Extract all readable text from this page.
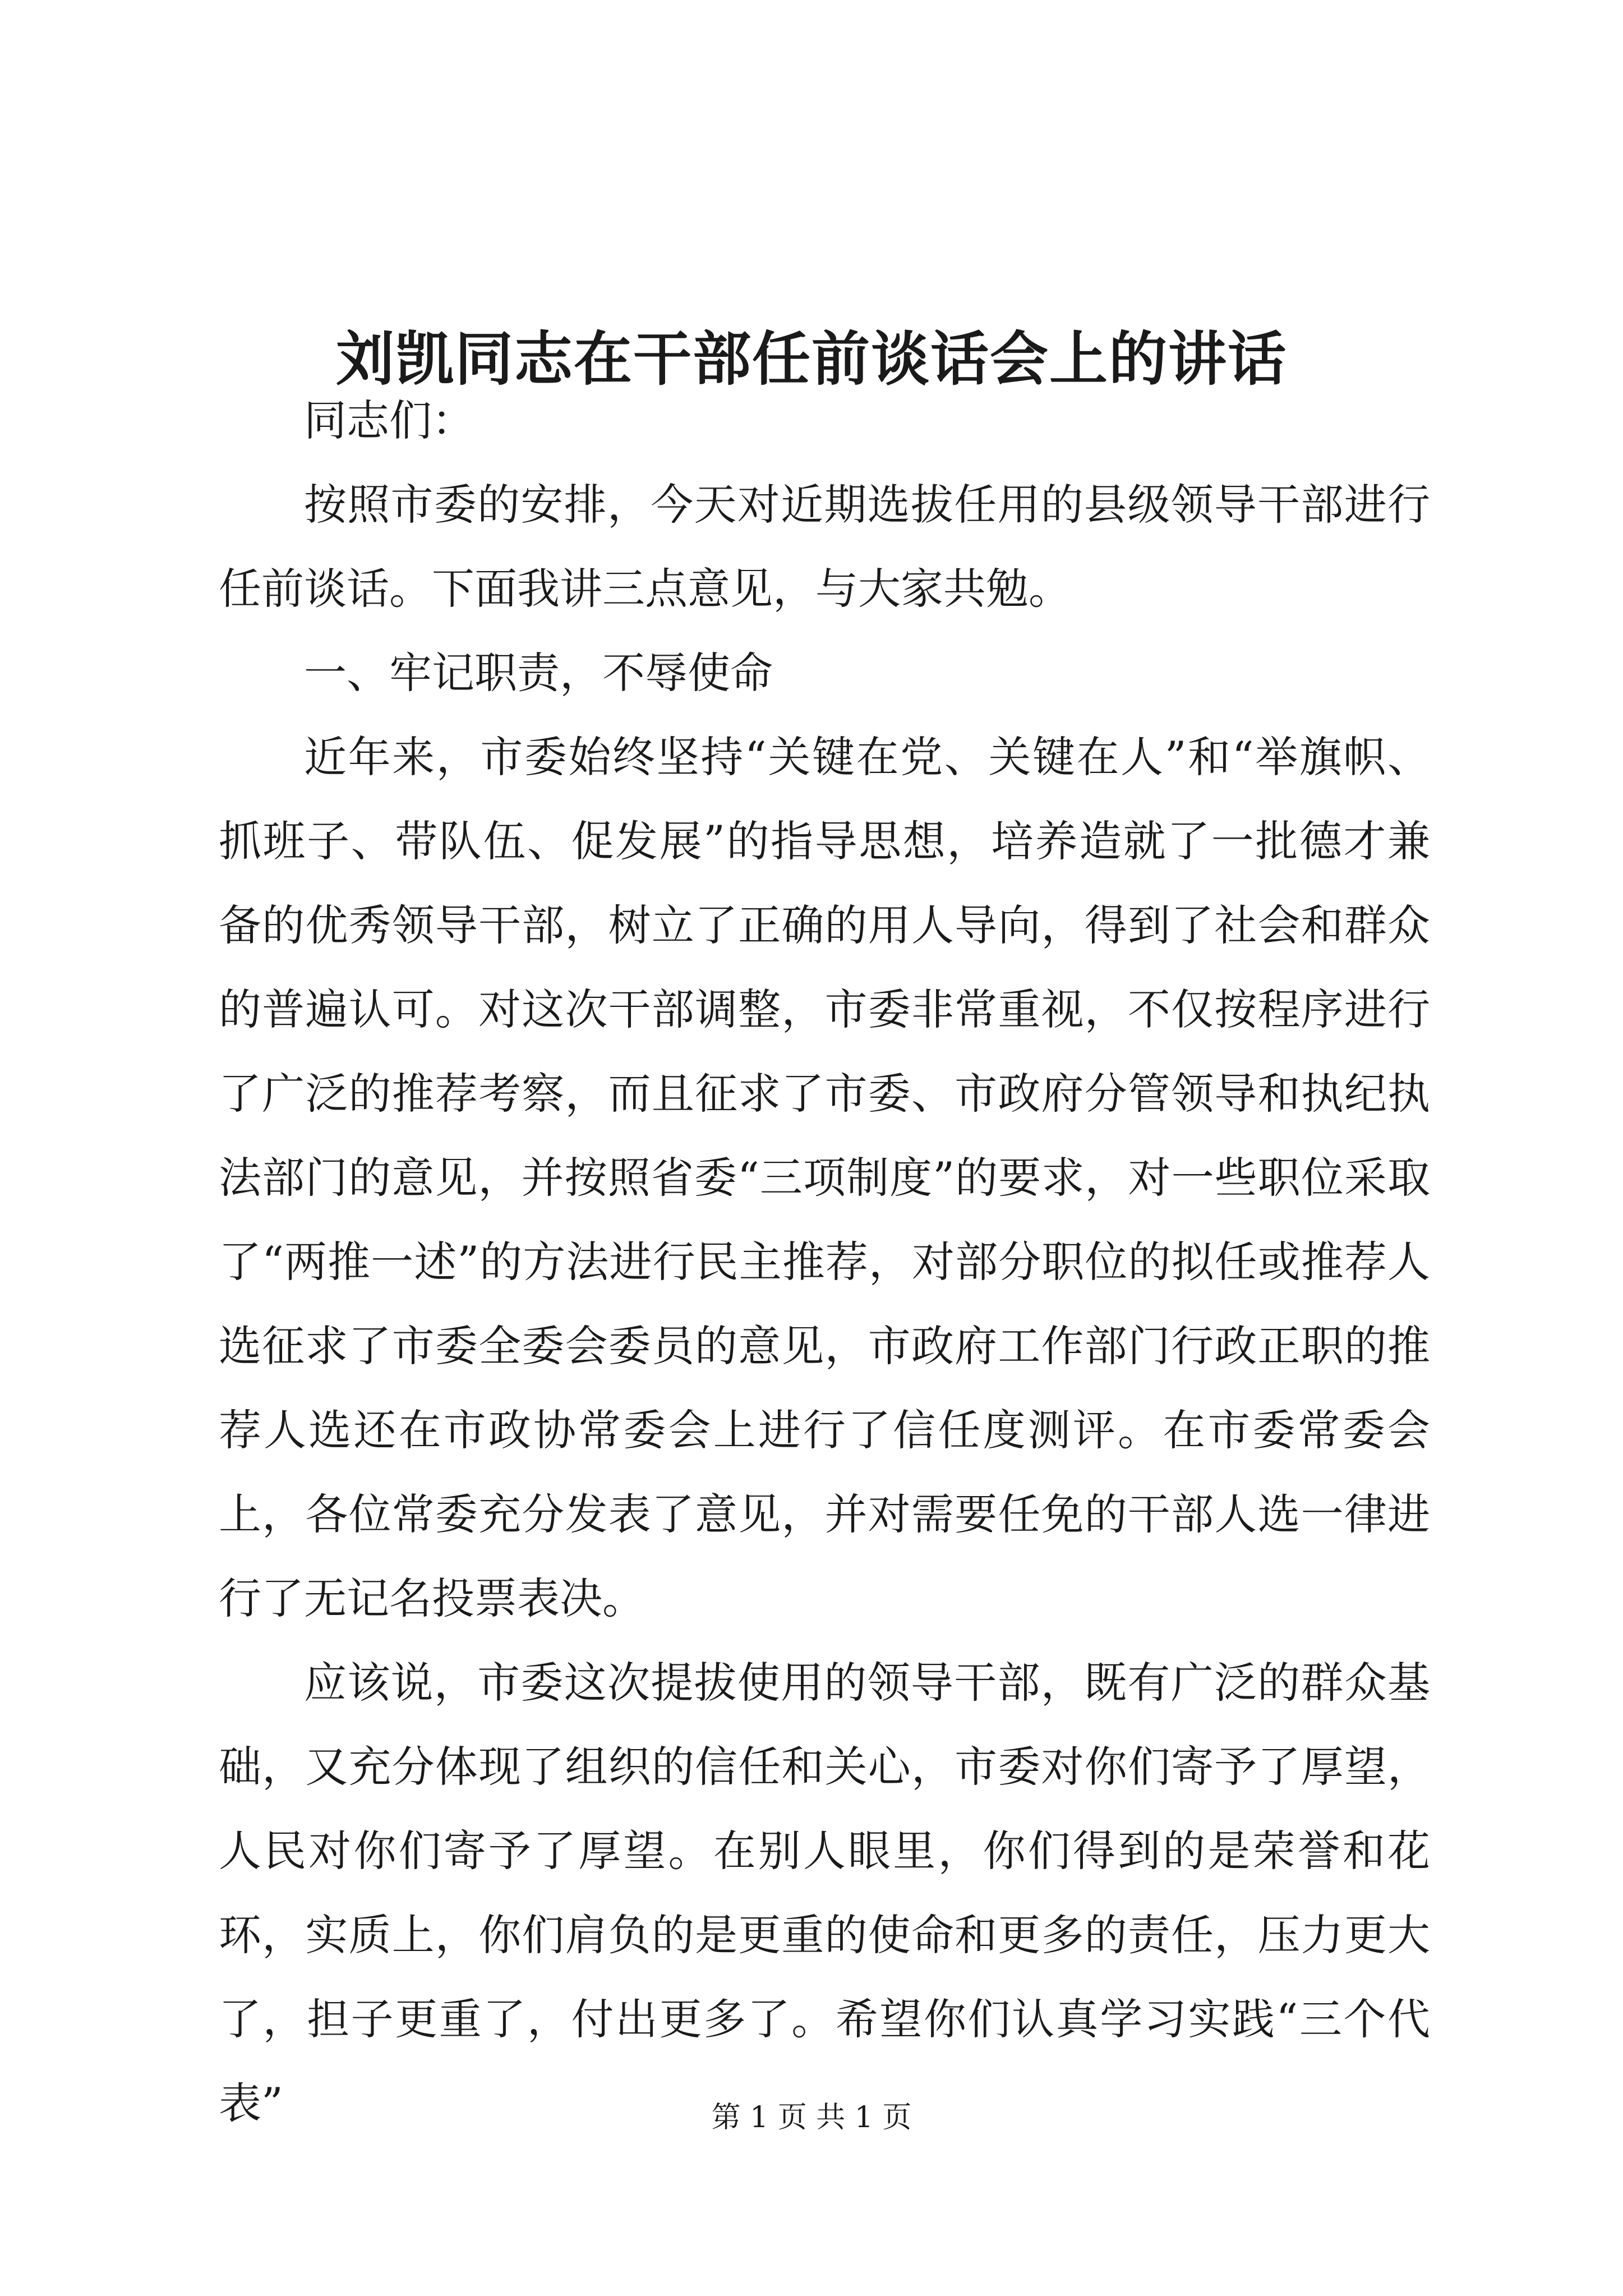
刘凯同志在干部任前谈话会上的讲话

同志们：

按照市委的安排，今天对近期选拔任用的县级领导干部进行任前谈话。下面我讲三点意见，与大家共勉。

一、牢记职责，不辱使命

近年来，市委始终坚持“关键在党、关键在人”和“举旗帜、抓班子、带队伍、促发展”的指导思想，培养造就了一批德才兼备的优秀领导干部，树立了正确的用人导向，得到了社会和群众的普遍认可。对这次干部调整，市委非常重视，不仅按程序进行了广泛的推荐考察，而且征求了市委、市政府分管领导和执纪执法部门的意见，并按照省委“三项制度”的要求，对一些职位采取了“两推一述”的方法进行民主推荐，对部分职位的拟任或推荐人选征求了市委全委会委员的意见，市政府工作部门行政正职的推荐人选还在市政协常委会上进行了信任度测评。在市委常委会上，各位常委充分发表了意见，并对需要任免的干部人选一律进行了无记名投票表决。

应该说，市委这次提拔使用的领导干部，既有广泛的群众基础，又充分体现了组织的信任和关心，市委对你们寄予了厚望，人民对你们寄予了厚望。在别人眼里，你们得到的是荣誉和花环，实质上，你们肩负的是更重的使命和更多的责任，压力更大了，担子更重了，付出更多了。希望你们认真学习实践“三个代表”	第 1 页 共 1 页
